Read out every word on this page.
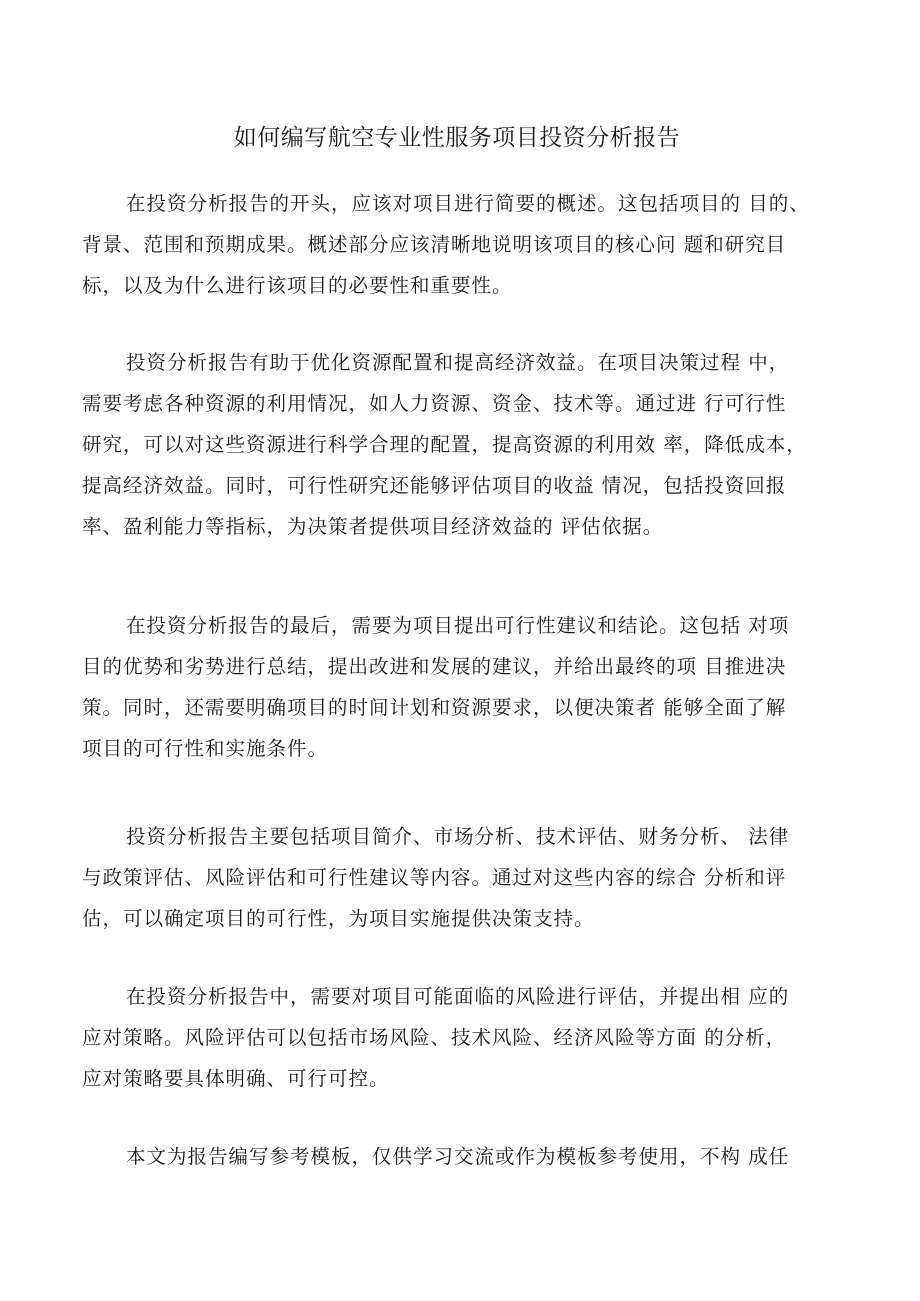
如何编写航空专业性服务项目投资分析报告
在投资分析报告的开头，应该对项目进行简要的概述。这包括项目的 目的、
背景、范围和预期成果。概述部分应该清晰地说明该项目的核心问 题和研究目
标，以及为什么进行该项目的必要性和重要性。
投资分析报告有助于优化资源配置和提高经济效益。在项目决策过程 中，
需要考虑各种资源的利用情况，如人力资源、资金、技术等。通过进 行可行性
研究，可以对这些资源进行科学合理的配置，提高资源的利用效 率，降低成本，
提高经济效益。同时，可行性研究还能够评估项目的收益 情况，包括投资回报
率、盈利能力等指标，为决策者提供项目经济效益的 评估依据。
在投资分析报告的最后，需要为项目提出可行性建议和结论。这包括 对项
目的优势和劣势进行总结，提出改进和发展的建议，并给出最终的项 目推进决
策。同时，还需要明确项目的时间计划和资源要求，以便决策者 能够全面了解
项目的可行性和实施条件。
投资分析报告主要包括项目简介、市场分析、技术评估、财务分析、 法律
与政策评估、风险评估和可行性建议等内容。通过对这些内容的综合 分析和评
估，可以确定项目的可行性，为项目实施提供决策支持。
在投资分析报告中，需要对项目可能面临的风险进行评估，并提出相 应的
应对策略。风险评估可以包括市场风险、技术风险、经济风险等方面 的分析，
应对策略要具体明确、可行可控。
本文为报告编写参考模板，仅供学习交流或作为模板参考使用，不构 成任
